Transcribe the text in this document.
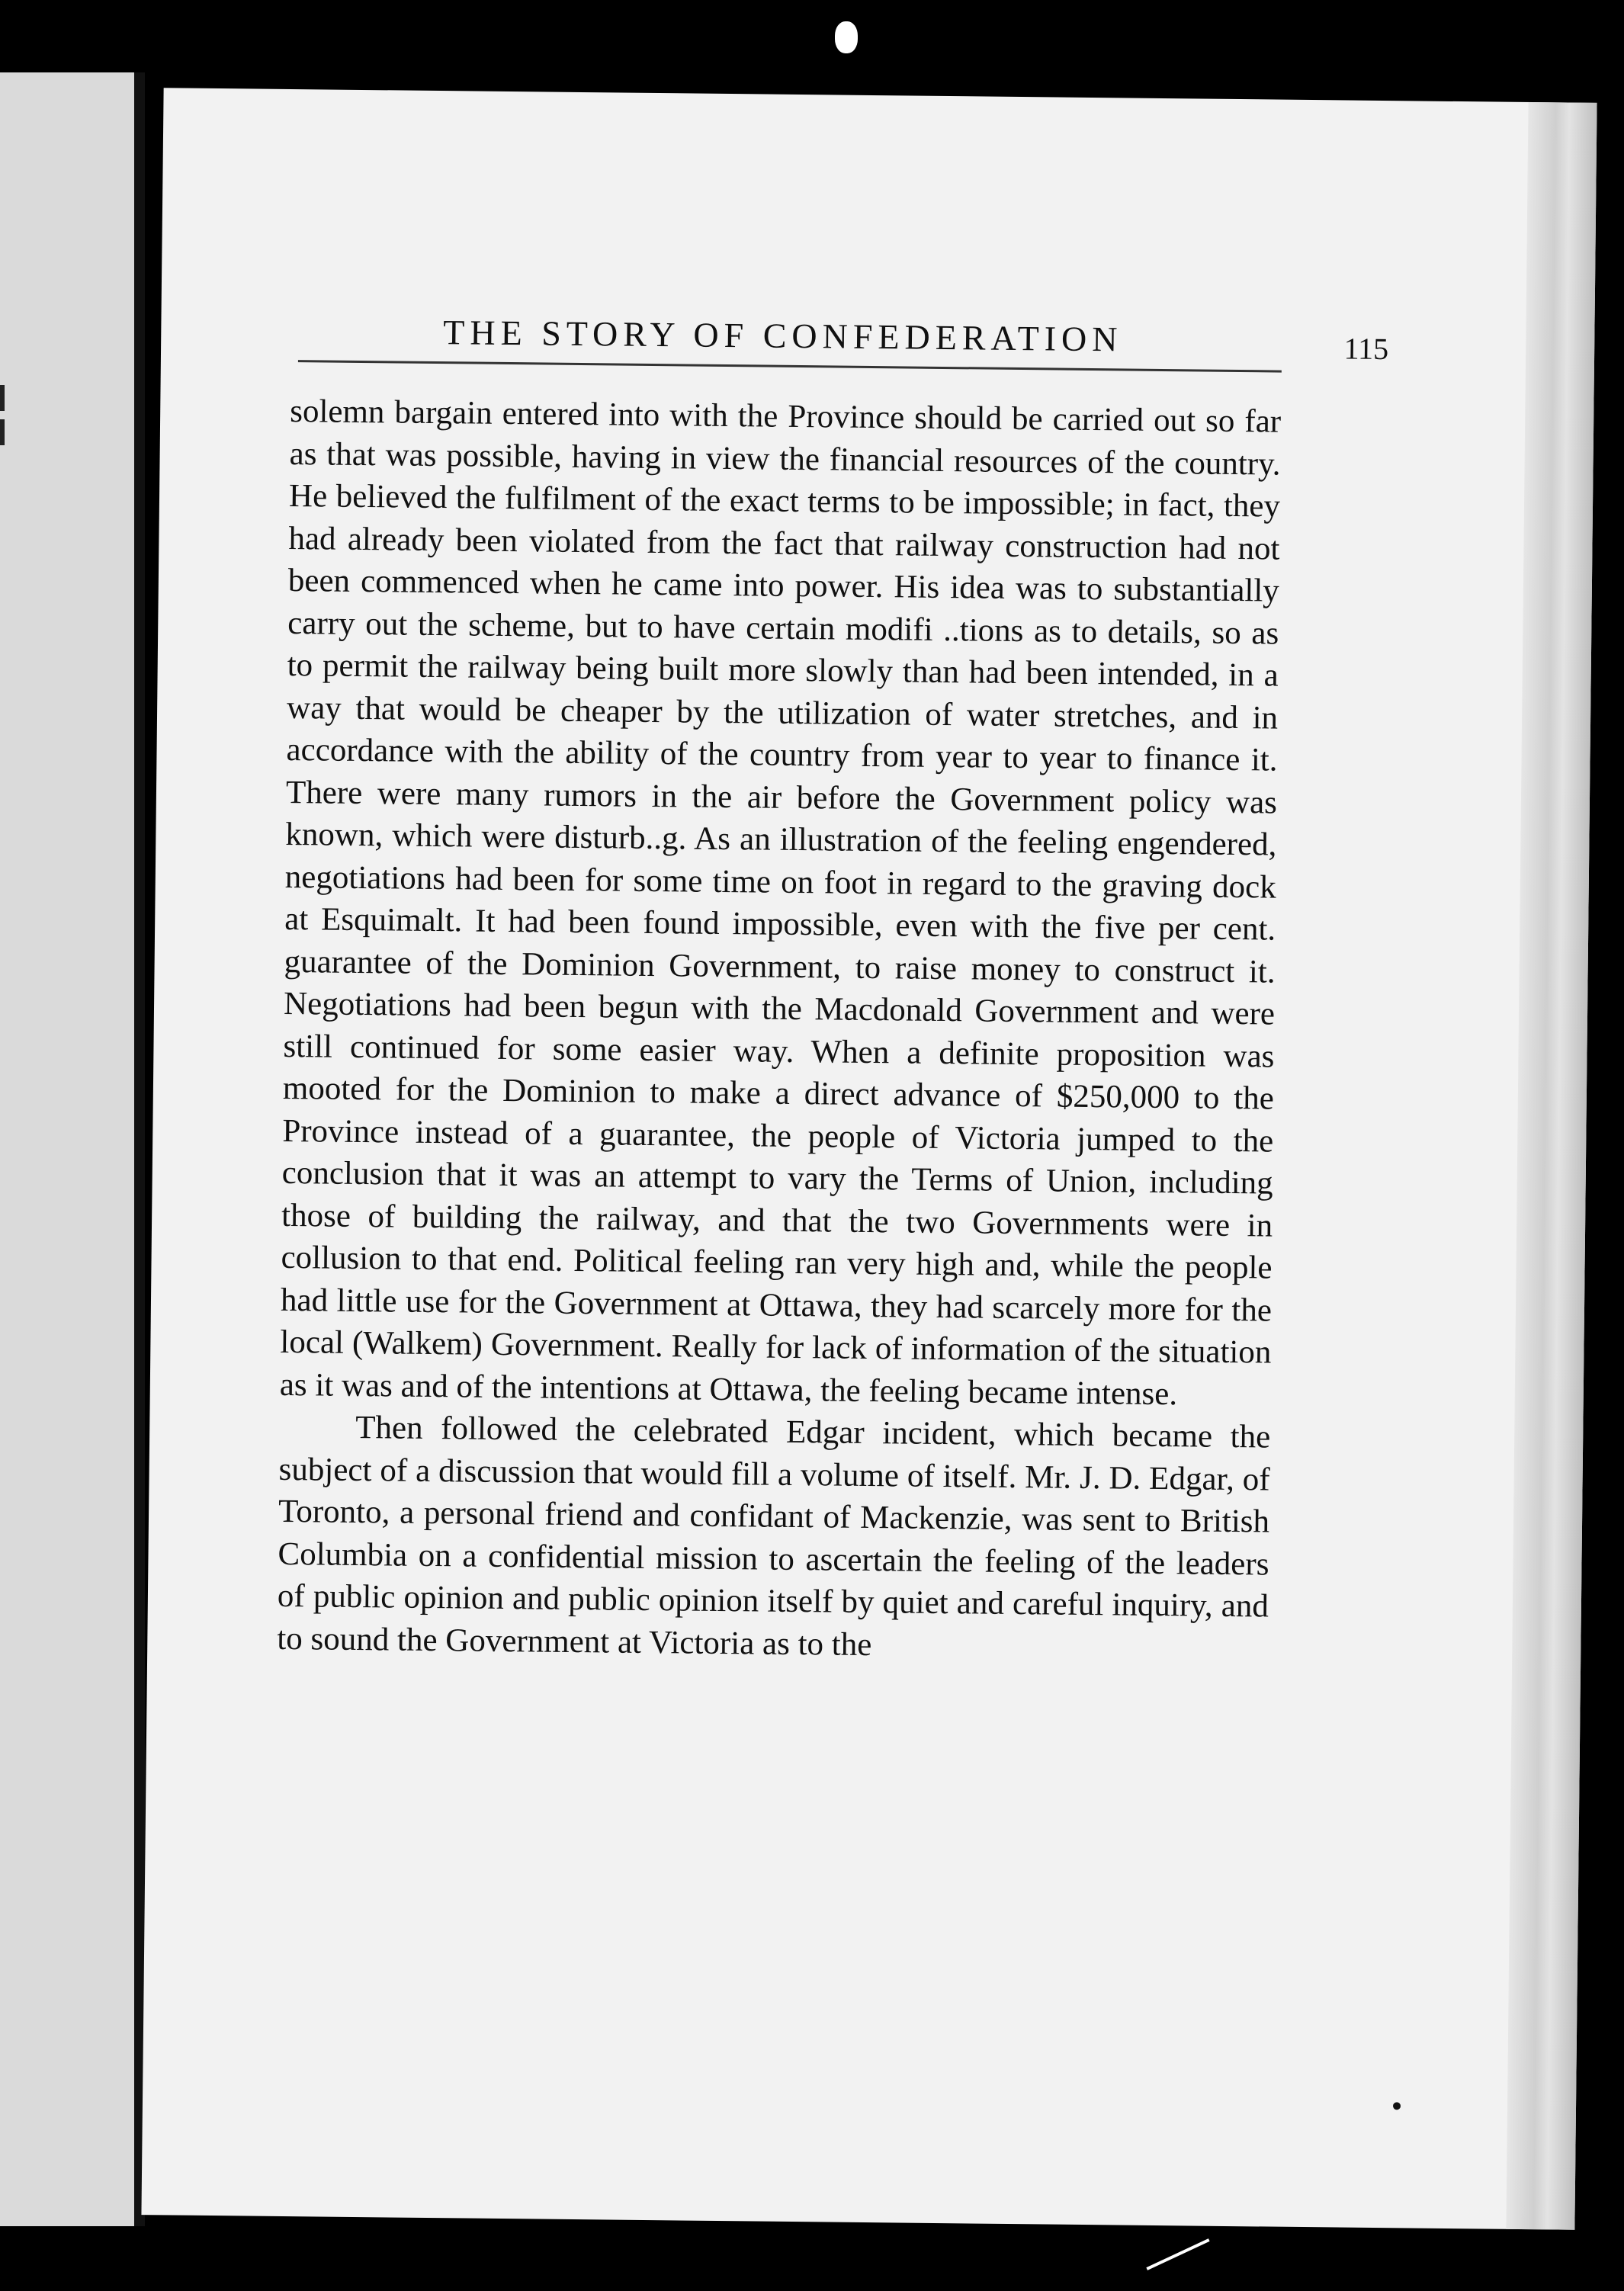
THE STORY OF CONFEDERATION	115

solemn bargain entered into with the Province should be carried out so far as that was possible, having in view the financial resources of the country. He believed the fulfilment of the exact terms to be impossible; in fact, they had already been violated from the fact that railway construction had not been commenced when he came into power. His idea was to substantially carry out the scheme, but to have certain modifi ..tions as to details, so as to permit the railway being built more slowly than had been intended, in a way that would be cheaper by the utilization of water stretches, and in accordance with the ability of the country from year to year to finance it. There were many rumors in the air before the Government policy was known, which were disturb..g. As an illustration of the feeling engendered, negotiations had been for some time on foot in regard to the graving dock at Esquimalt. It had been found impossible, even with the five per cent. guarantee of the Dominion Government, to raise money to construct it. Negotiations had been begun with the Macdonald Government and were still continued for some easier way. When a definite proposition was mooted for the Dominion to make a direct advance of $250,000 to the Province instead of a guarantee, the people of Victoria jumped to the conclusion that it was an attempt to vary the Terms of Union, including those of building the railway, and that the two Governments were in collusion to that end. Political feeling ran very high and, while the people had little use for the Government at Ottawa, they had scarcely more for the local (Walkem) Government. Really for lack of information of the situation as it was and of the intentions at Ottawa, the feeling became intense.

Then followed the celebrated Edgar incident, which became the subject of a discussion that would fill a volume of itself. Mr. J. D. Edgar, of Toronto, a personal friend and confidant of Mackenzie, was sent to British Columbia on a confidential mission to ascertain the feeling of the leaders of public opinion and public opinion itself by quiet and careful inquiry, and to sound the Government at Victoria as to the
